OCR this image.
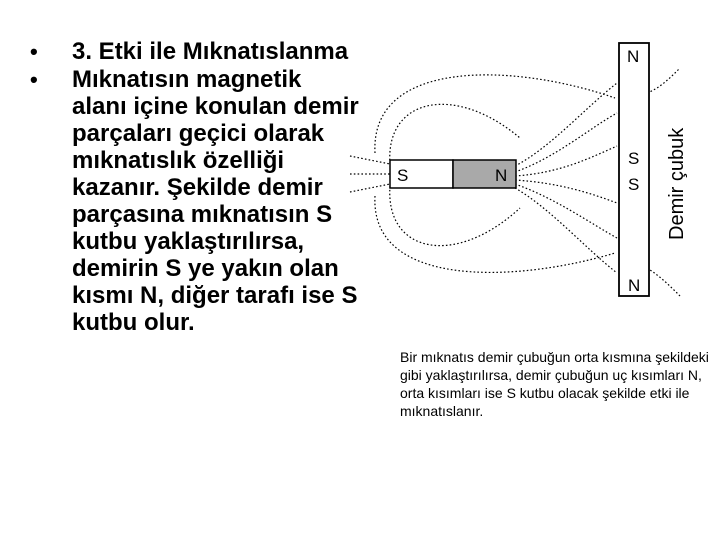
•	3. Etki ile Mıknatıslanma
•	Mıknatısın magnetik alanı içine konulan demir parçaları geçici olarak mıknatıslık özelliği kazanır. Şekilde demir parçasına mıknatısın S kutbu yaklaştırılırsa, demirin S ye yakın olan kısmı N, diğer tarafı ise S kutbu olur.
S	N
N
S
S
N
Demir çubuk
Bir mıknatıs demir çubuğun orta kısmına şekildeki gibi yaklaştırılırsa, demir çubuğun uç kısımları N, orta kısımları ise S kutbu olacak şekilde etki ile mıknatıslanır.
